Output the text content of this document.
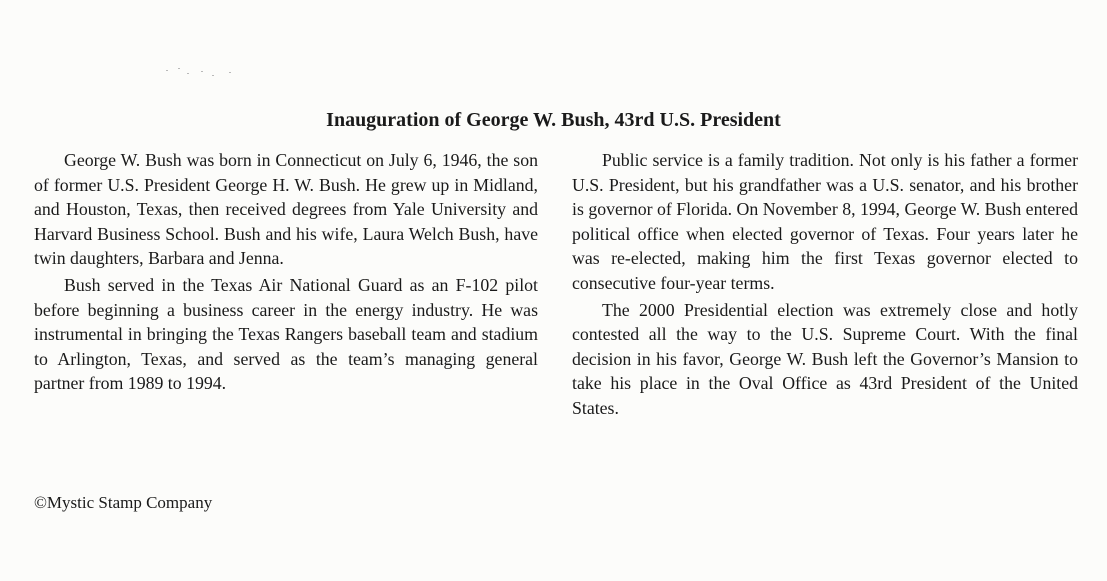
Inauguration of George W. Bush, 43rd U.S. President

George W. Bush was born in Connecticut on July 6, 1946, the son of former U.S. President George H. W. Bush. He grew up in Midland, and Houston, Texas, then received degrees from Yale University and Harvard Business School. Bush and his wife, Laura Welch Bush, have twin daughters, Barbara and Jenna.

Bush served in the Texas Air National Guard as an F-102 pilot before beginning a business career in the energy industry. He was instrumental in bringing the Texas Rangers baseball team and stadium to Arlington, Texas, and served as the team’s managing general partner from 1989 to 1994.

Public service is a family tradition. Not only is his father a former U.S. President, but his grandfather was a U.S. senator, and his brother is governor of Florida. On November 8, 1994, George W. Bush entered political office when elected governor of Texas. Four years later he was re-elected, making him the first Texas governor elected to consecutive four-year terms.

The 2000 Presidential election was extremely close and hotly contested all the way to the U.S. Supreme Court. With the final decision in his favor, George W. Bush left the Governor’s Mansion to take his place in the Oval Office as 43rd President of the United States.

©Mystic Stamp Company
